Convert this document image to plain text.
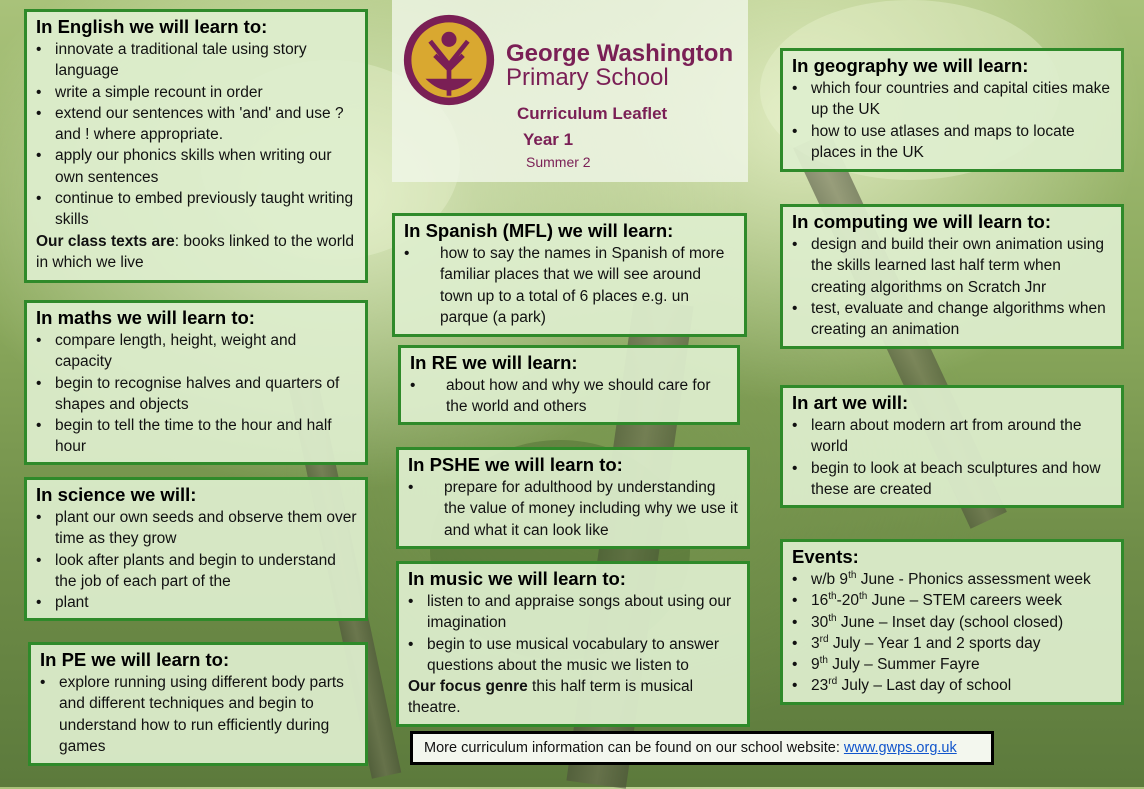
George Washington
Primary School
Curriculum Leaflet
Year 1
Summer 2
In English we will learn to:
• innovate a traditional tale using story language
• write a simple recount in order
• extend our sentences with 'and' and use ? and ! where appropriate.
• apply our phonics skills when writing our own sentences
• continue to embed previously taught writing skills

Our class texts are: books linked to the world in which we live

In maths we will learn to:
• compare length, height, weight and capacity
• begin to recognise halves and quarters of shapes and objects
• begin to tell the time to the hour and half hour
In science we will:
• plant our own seeds and observe them over time as they grow
• look after plants and begin to understand the job of each part of the
• plant
In PE we will learn to:
• explore running using different body parts and different techniques and begin to understand how to run efficiently during games
In Spanish (MFL) we will learn:
• how to say the names in Spanish of more familiar places that we will see around town up to a total of 6 places e.g. un parque (a park)
In RE we will learn:
• about how and why we should care for the world and others
In PSHE we will learn to:
• prepare for adulthood by understanding the value of money including why we use it and what it can look like
In music we will learn to:
• listen to and appraise songs about using our imagination
• begin to use musical vocabulary to answer questions about the music we listen to

Our focus genre this half term is musical theatre.

In geography we will learn:
• which four countries and capital cities make up the UK
• how to use atlases and maps to locate places in the UK
In computing we will learn to:
• design and build their own animation using the skills learned last half term when creating algorithms on Scratch Jnr
• test, evaluate and change algorithms when creating an animation
In art we will:
• learn about modern art from around the world
• begin to look at beach sculptures and how these are created
Events:
• w/b 9th June - Phonics assessment week
• 16th-20th June – STEM careers week
• 30th June – Inset day (school closed)
• 3rd July – Year 1 and 2 sports day
• 9th July – Summer Fayre
• 23rd July – Last day of school
More curriculum information can be found on our school website: www.gwps.org.uk
